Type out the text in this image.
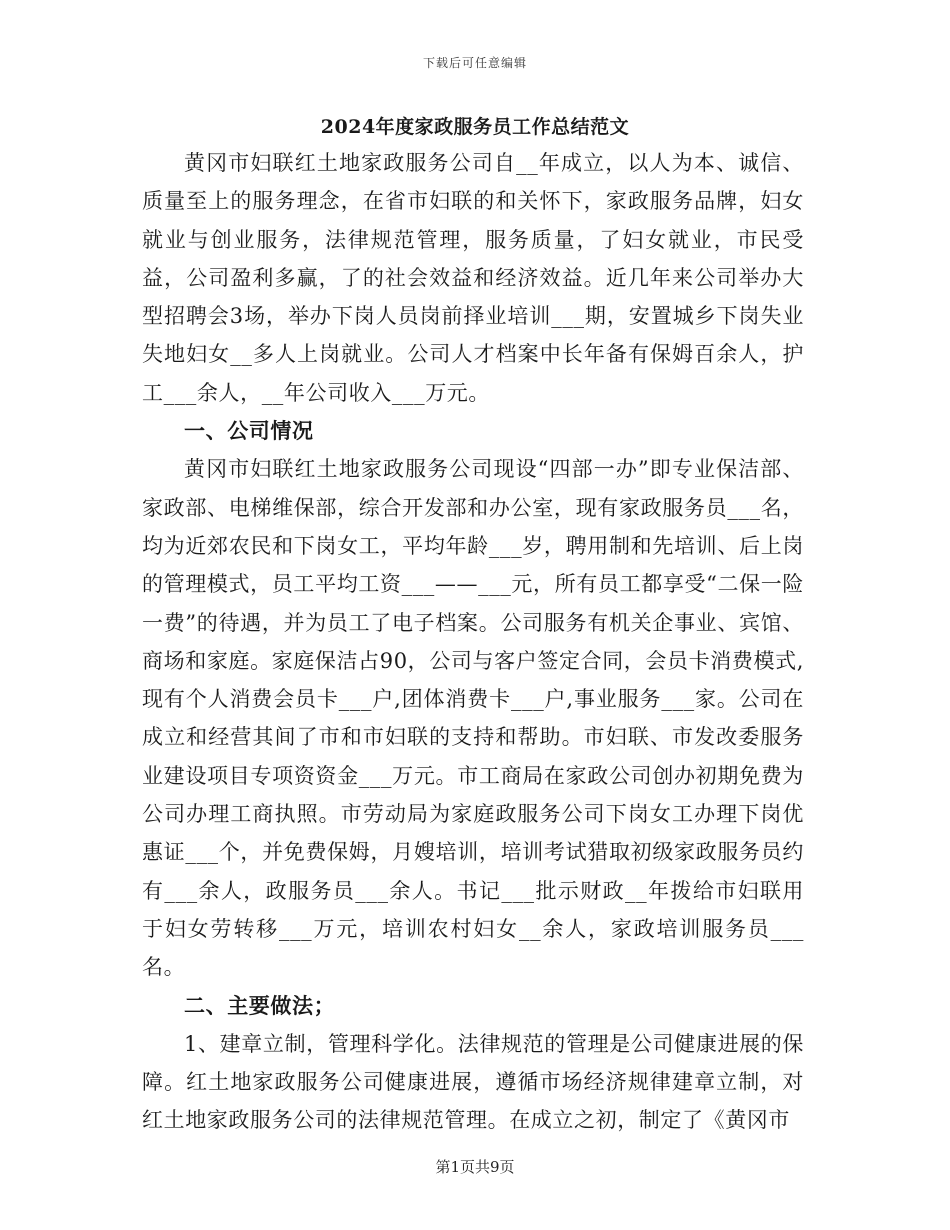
下载后可任意编辑
2024年度家政服务员工作总结范文

黄冈市妇联红土地家政服务公司自__年成立，以人为本、诚信、质量至上的服务理念，在省市妇联的和关怀下，家政服务品牌，妇女就业与创业服务，法律规范管理，服务质量，了妇女就业，市民受益，公司盈利多赢，了的社会效益和经济效益。近几年来公司举办大型招聘会3场，举办下岗人员岗前择业培训___期，安置城乡下岗失业失地妇女__多人上岗就业。公司人才档案中长年备有保姆百余人，护工___余人，__年公司收入___万元。

一、公司情况

黄冈市妇联红土地家政服务公司现设“四部一办”即专业保洁部、家政部、电梯维保部，综合开发部和办公室，现有家政服务员___名，均为近郊农民和下岗女工，平均年龄___岁，聘用制和先培训、后上岗的管理模式，员工平均工资___——___元，所有员工都享受“二保一险一费”的待遇，并为员工了电子档案。公司服务有机关企事业、宾馆、商场和家庭。家庭保洁占90，公司与客户签定合同，会员卡消费模式,现有个人消费会员卡___户,团体消费卡___户,事业服务___家。公司在成立和经营其间了市和市妇联的支持和帮助。市妇联、市发改委服务业建设项目专项资资金___万元。市工商局在家政公司创办初期免费为公司办理工商执照。市劳动局为家庭政服务公司下岗女工办理下岗优惠证___个，并免费保姆，月嫂培训，培训考试猎取初级家政服务员约有___余人，政服务员___余人。书记___批示财政__年拨给市妇联用于妇女劳转移___万元，培训农村妇女__余人，家政培训服务员___名。

二、主要做法；

1、建章立制，管理科学化。法律规范的管理是公司健康进展的保障。红土地家政服务公司健康进展，遵循市场经济规律建章立制，对红土地家政服务公司的法律规范管理。在成立之初，制定了《黄冈市

第1页共9页
